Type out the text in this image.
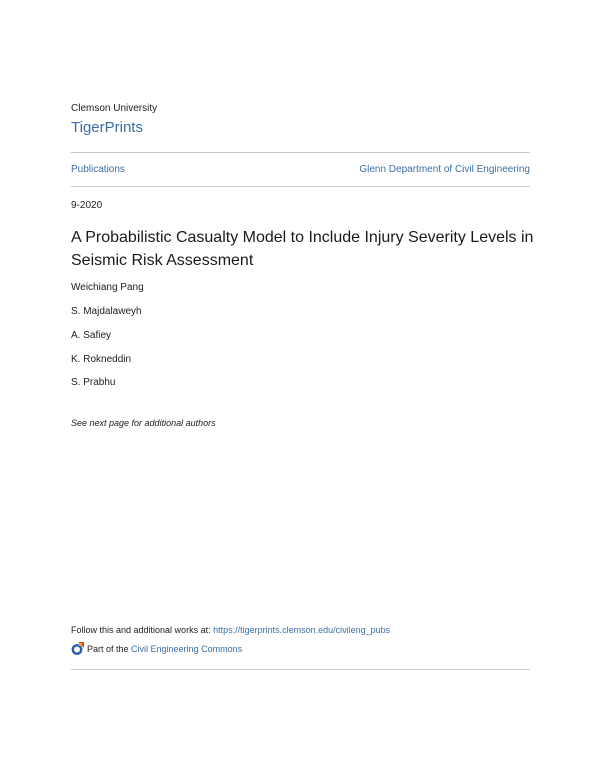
Clemson University
TigerPrints
Publications	Glenn Department of Civil Engineering
9-2020
A Probabilistic Casualty Model to Include Injury Severity Levels in
Seismic Risk Assessment
Weichiang Pang
S. Majdalaweyh
A. Safiey
K. Rokneddin
S. Prabhu
See next page for additional authors
Follow this and additional works at: https://tigerprints.clemson.edu/civileng_pubs
Part of the Civil Engineering Commons
